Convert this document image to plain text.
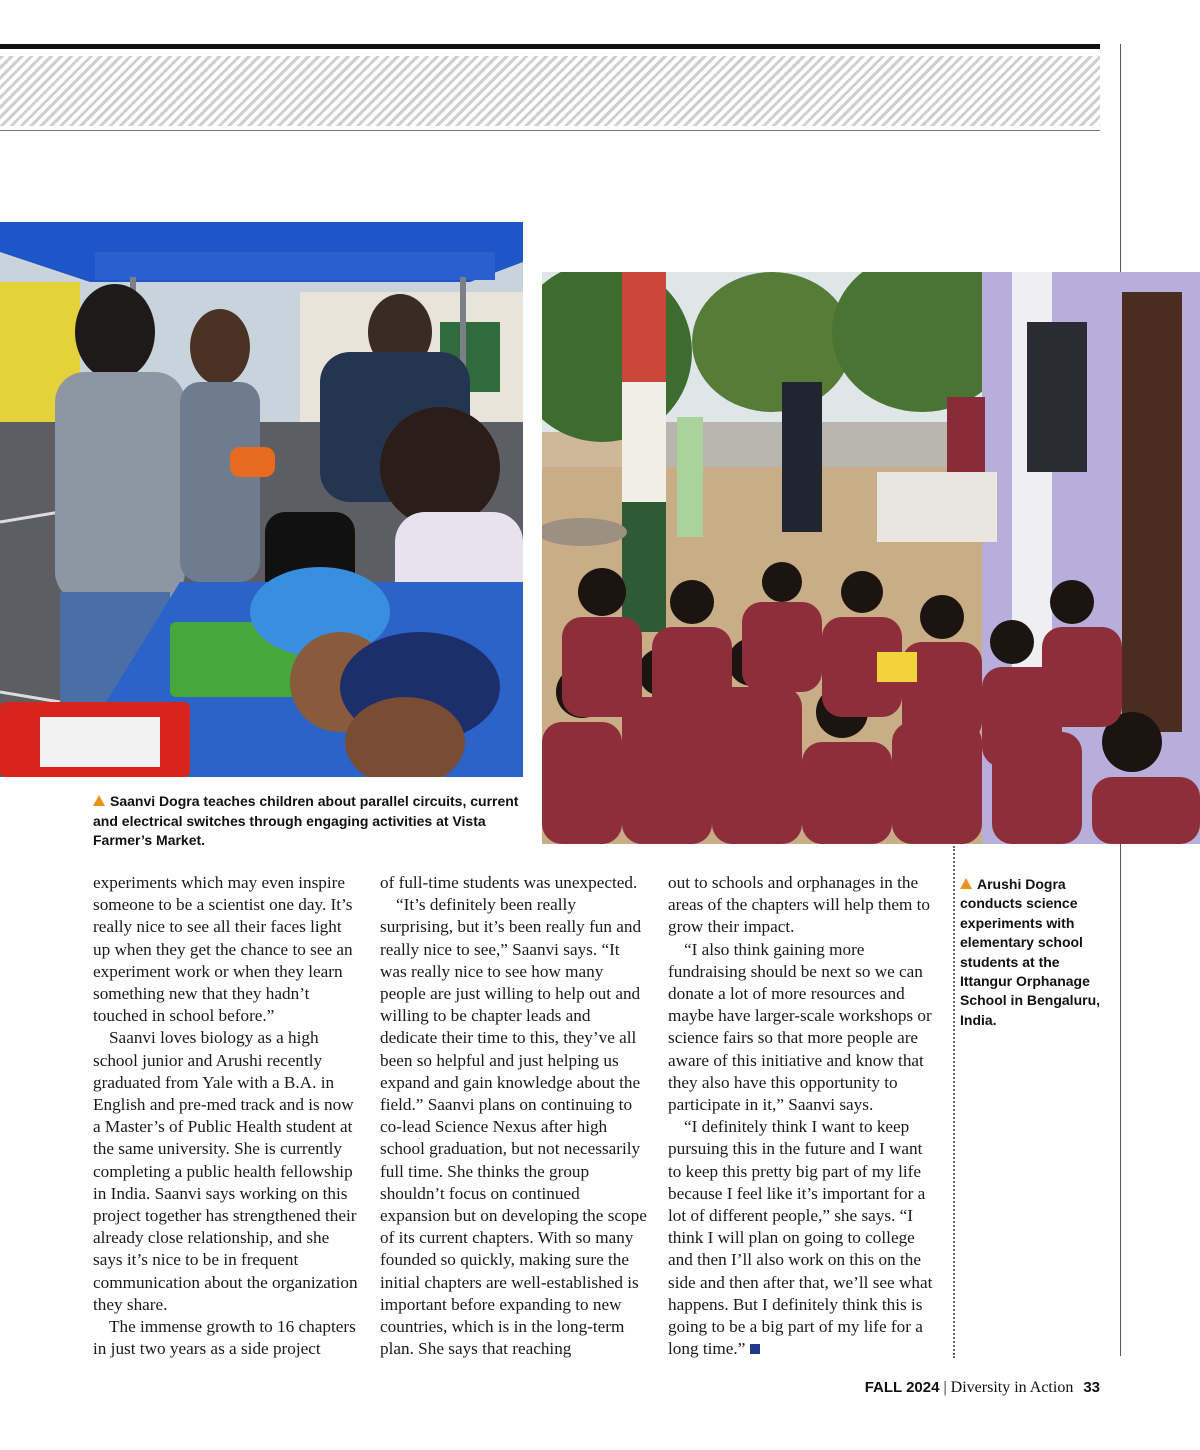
Saanvi Dogra teaches children about parallel circuits, current and electrical switches through engaging activities at Vista Farmer’s Market.
Arushi Dogra conducts science experiments with elementary school students at the Ittangur Orphanage School in Bengaluru, India.

experiments which may even inspire someone to be a scientist one day. It’s really nice to see all their faces light up when they get the chance to see an experiment work or when they learn something new that they hadn’t touched in school before.”

Saanvi loves biology as a high school junior and Arushi recently graduated from Yale with a B.A. in English and pre-med track and is now a Master’s of Public Health student at the same university. She is currently completing a public health fellowship in India. Saanvi says working on this project together has strengthened their already close relationship, and she says it’s nice to be in frequent communication about the organization they share.

The immense growth to 16 chapters in just two years as a side project

of full-time students was unexpected.

“It’s definitely been really surprising, but it’s been really fun and really nice to see,” Saanvi says. “It was really nice to see how many people are just willing to help out and willing to be chapter leads and dedicate their time to this, they’ve all been so helpful and just helping us expand and gain knowledge about the field.” Saanvi plans on continuing to co-lead Science Nexus after high school graduation, but not necessarily full time. She thinks the group shouldn’t focus on continued expansion but on developing the scope of its current chapters. With so many founded so quickly, making sure the initial chapters are well-established is important before expanding to new countries, which is in the long-term plan. She says that reaching

out to schools and orphanages in the areas of the chapters will help them to grow their impact.

“I also think gaining more fundraising should be next so we can donate a lot of more resources and maybe have larger-scale workshops or science fairs so that more people are aware of this initiative and know that they also have this opportunity to participate in it,” Saanvi says.

“I definitely think I want to keep pursuing this in the future and I want to keep this pretty big part of my life because I feel like it’s important for a lot of different people,” she says. “I think I will plan on going to college and then I’ll also work on this on the side and then after that, we’ll see what happens. But I definitely think this is going to be a big part of my life for a long time.”

FALL 2024 | Diversity in Action 33
